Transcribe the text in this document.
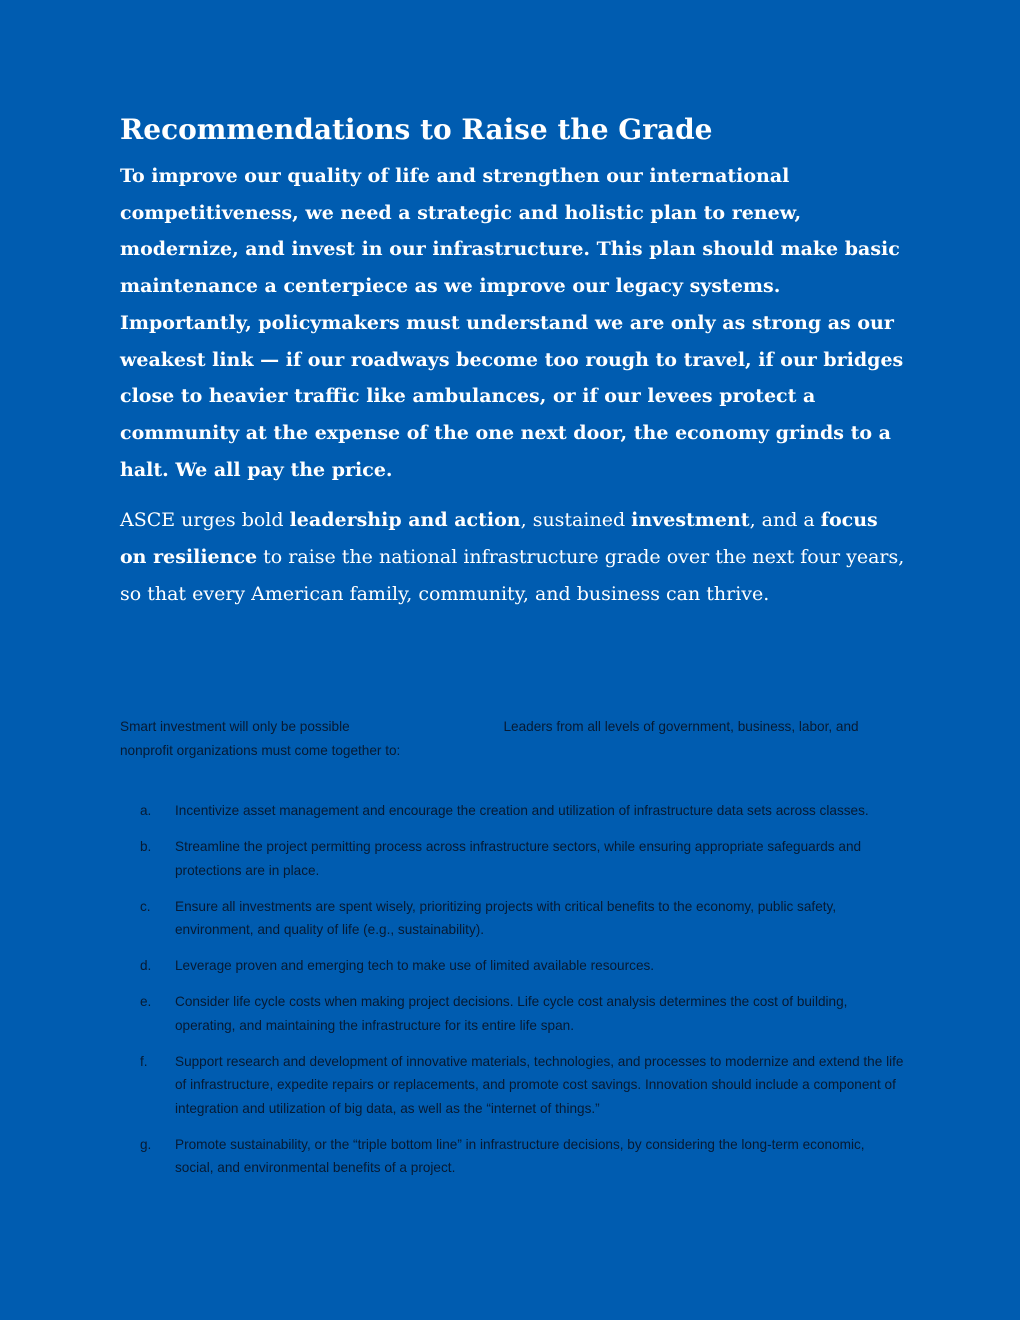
Recommendations to Raise the Grade

To improve our quality of life and strengthen our international competitiveness, we need a strategic and holistic plan to renew, modernize, and invest in our infrastructure. This plan should make basic maintenance a centerpiece as we improve our legacy systems. Importantly, policymakers must understand we are only as strong as our weakest link — if our roadways become too rough to travel, if our bridges close to heavier traffic like ambulances, or if our levees protect a community at the expense of the one next door, the economy grinds to a halt. We all pay the price.

ASCE urges bold leadership and action, sustained investment, and a focus on resilience to raise the national infrastructure grade over the next four years, so that every American family, community, and business can thrive.

Smart investment will only be possible	Leaders from all levels of government, business, labor, and nonprofit organizations must come together to:

a. Incentivize asset management and encourage the creation and utilization of infrastructure data sets across classes.
b. Streamline the project permitting process across infrastructure sectors, while ensuring appropriate safeguards and protections are in place.
c. Ensure all investments are spent wisely, prioritizing projects with critical benefits to the economy, public safety, environment, and quality of life (e.g., sustainability).
d. Leverage proven and emerging tech to make use of limited available resources.
e. Consider life cycle costs when making project decisions. Life cycle cost analysis determines the cost of building, operating, and maintaining the infrastructure for its entire life span.
f. Support research and development of innovative materials, technologies, and processes to modernize and extend the life of infrastructure, expedite repairs or replacements, and promote cost savings. Innovation should include a component of integration and utilization of big data, as well as the “internet of things.”
g. Promote sustainability, or the “triple bottom line” in infrastructure decisions, by considering the long-term economic, social, and environmental benefits of a project.
